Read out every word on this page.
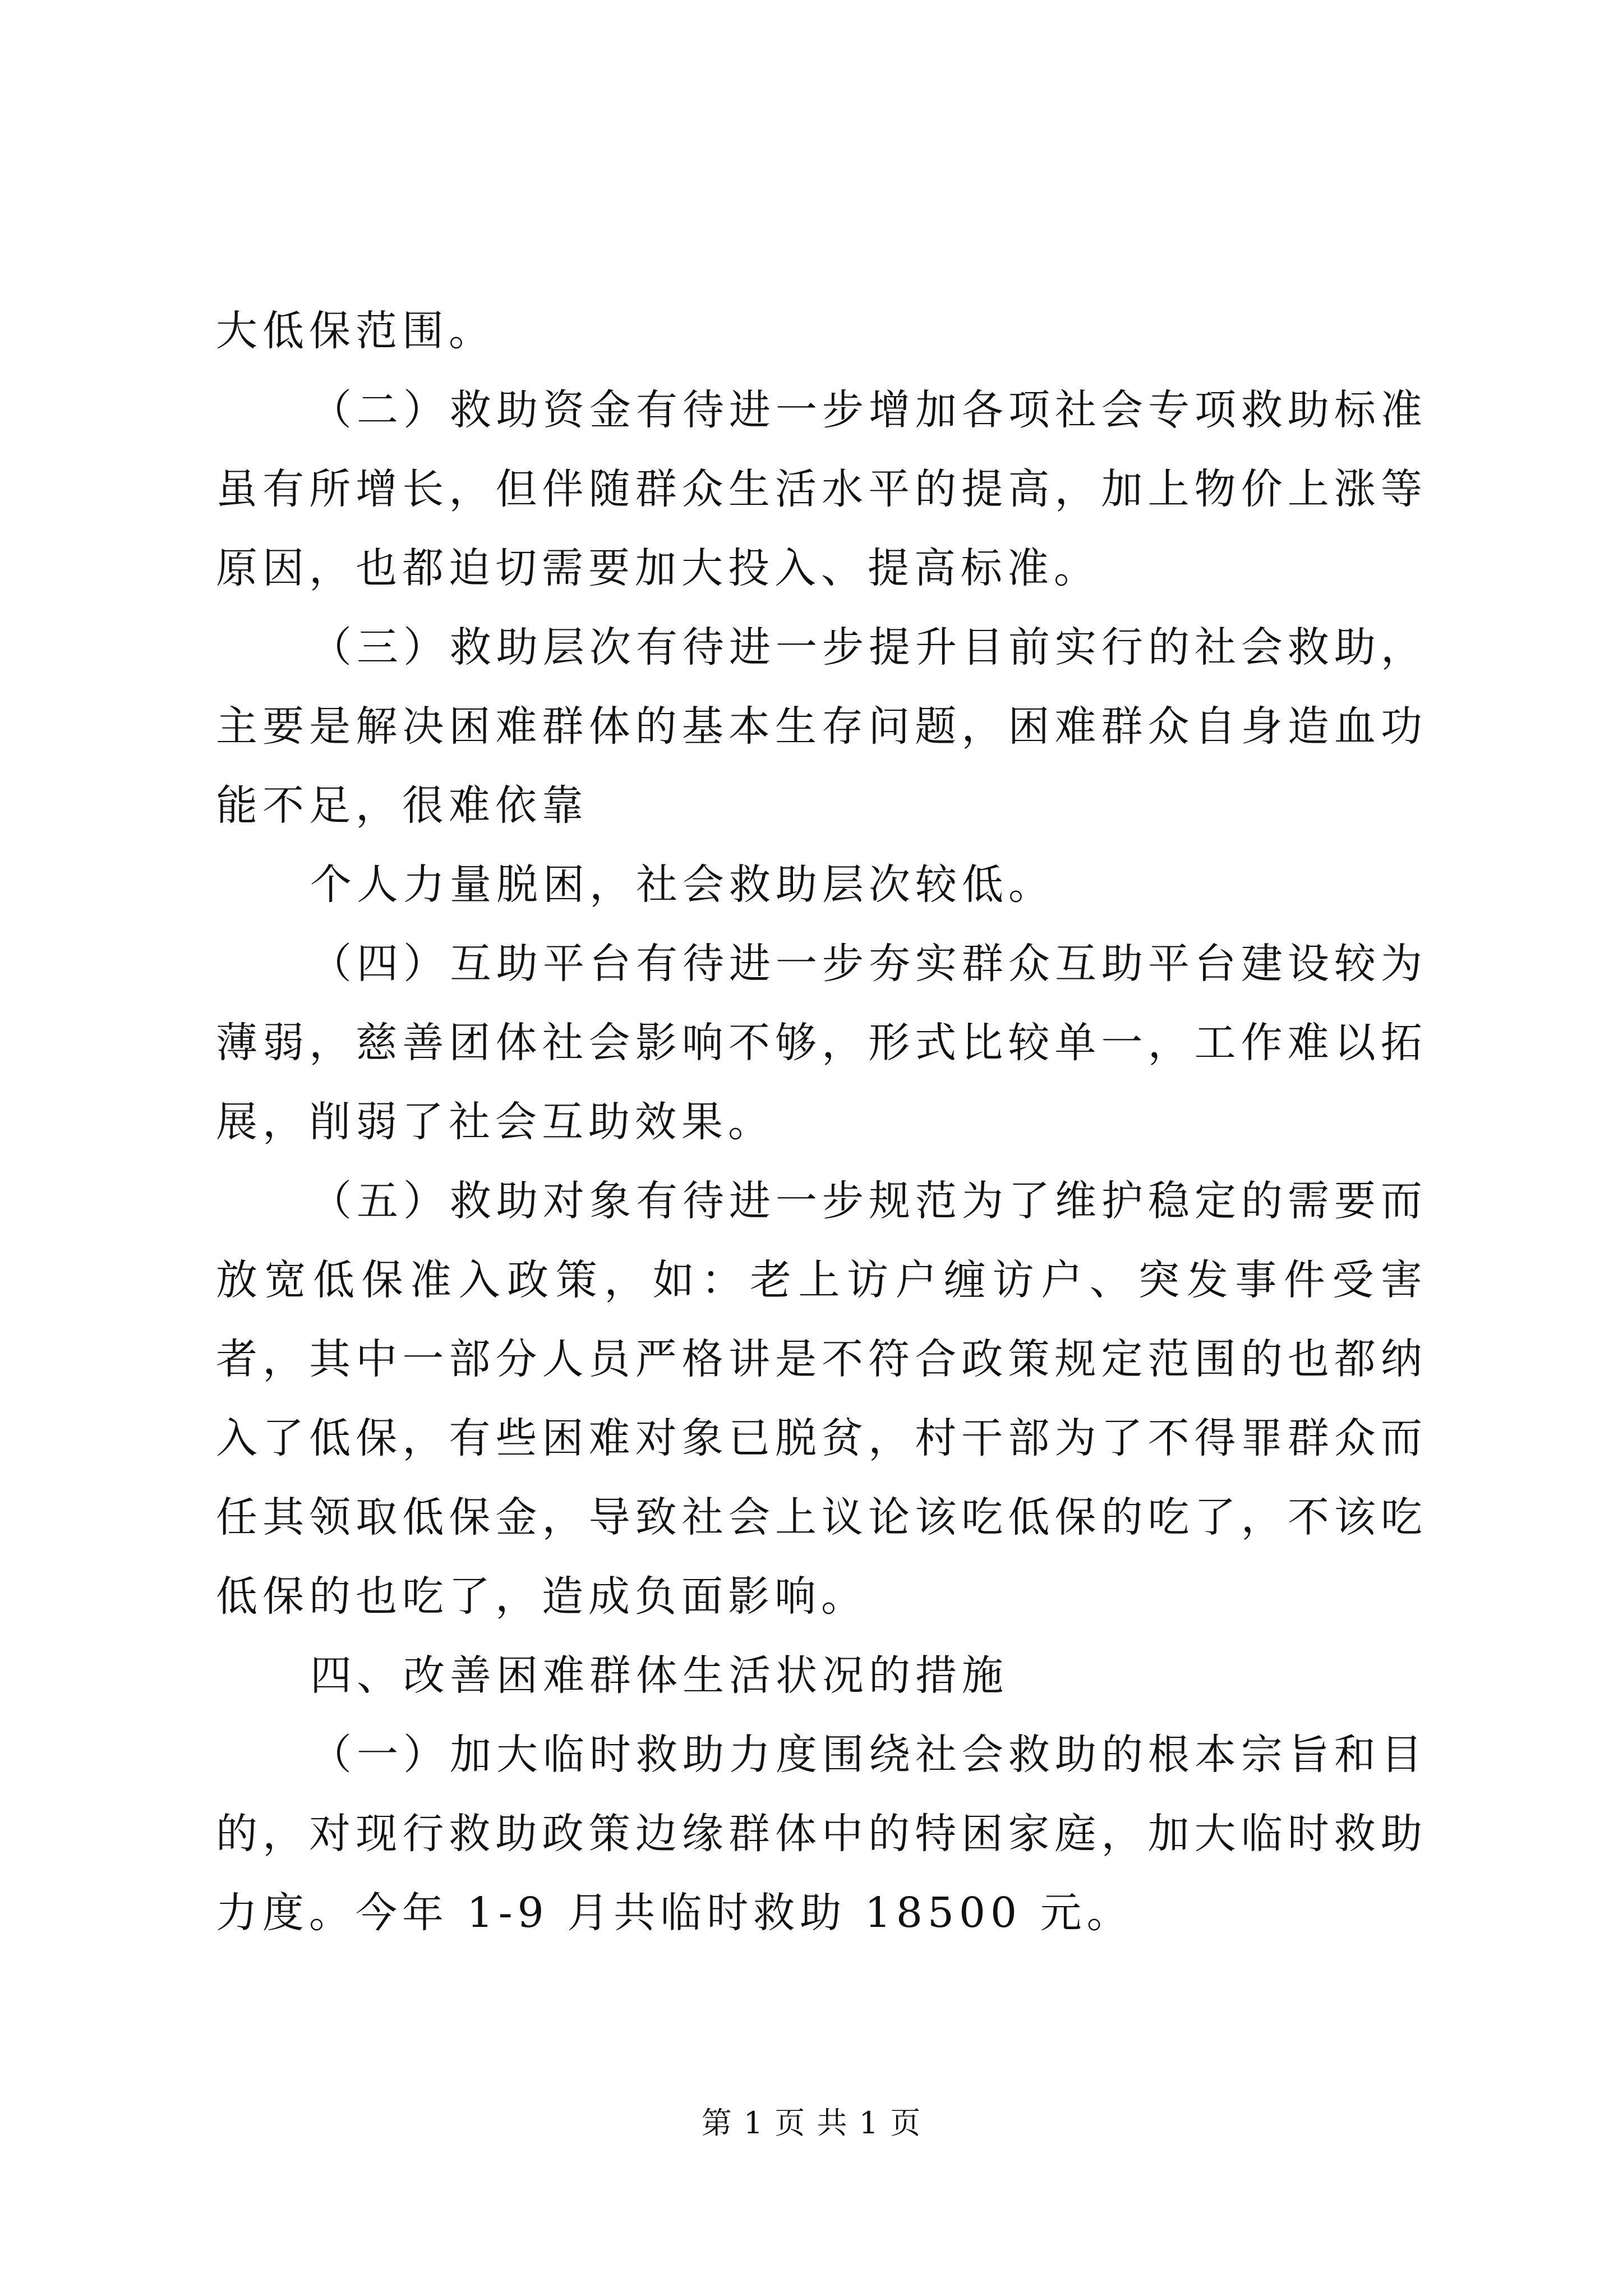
大低保范围。

（二）救助资金有待进一步增加各项社会专项救助标准虽有所增长，但伴随群众生活水平的提高，加上物价上涨等原因，也都迫切需要加大投入、提高标准。

（三）救助层次有待进一步提升目前实行的社会救助，主要是解决困难群体的基本生存问题，困难群众自身造血功能不足，很难依靠

个人力量脱困，社会救助层次较低。

（四）互助平台有待进一步夯实群众互助平台建设较为薄弱，慈善团体社会影响不够，形式比较单一，工作难以拓展，削弱了社会互助效果。

（五）救助对象有待进一步规范为了维护稳定的需要而放宽低保准入政策，如：老上访户缠访户、突发事件受害者，其中一部分人员严格讲是不符合政策规定范围的也都纳入了低保，有些困难对象已脱贫，村干部为了不得罪群众而任其领取低保金，导致社会上议论该吃低保的吃了，不该吃低保的也吃了，造成负面影响。

四、改善困难群体生活状况的措施

（一）加大临时救助力度围绕社会救助的根本宗旨和目的，对现行救助政策边缘群体中的特困家庭，加大临时救助力度。今年 1-9 月共临时救助 18500 元。

第 1 页 共 1 页
